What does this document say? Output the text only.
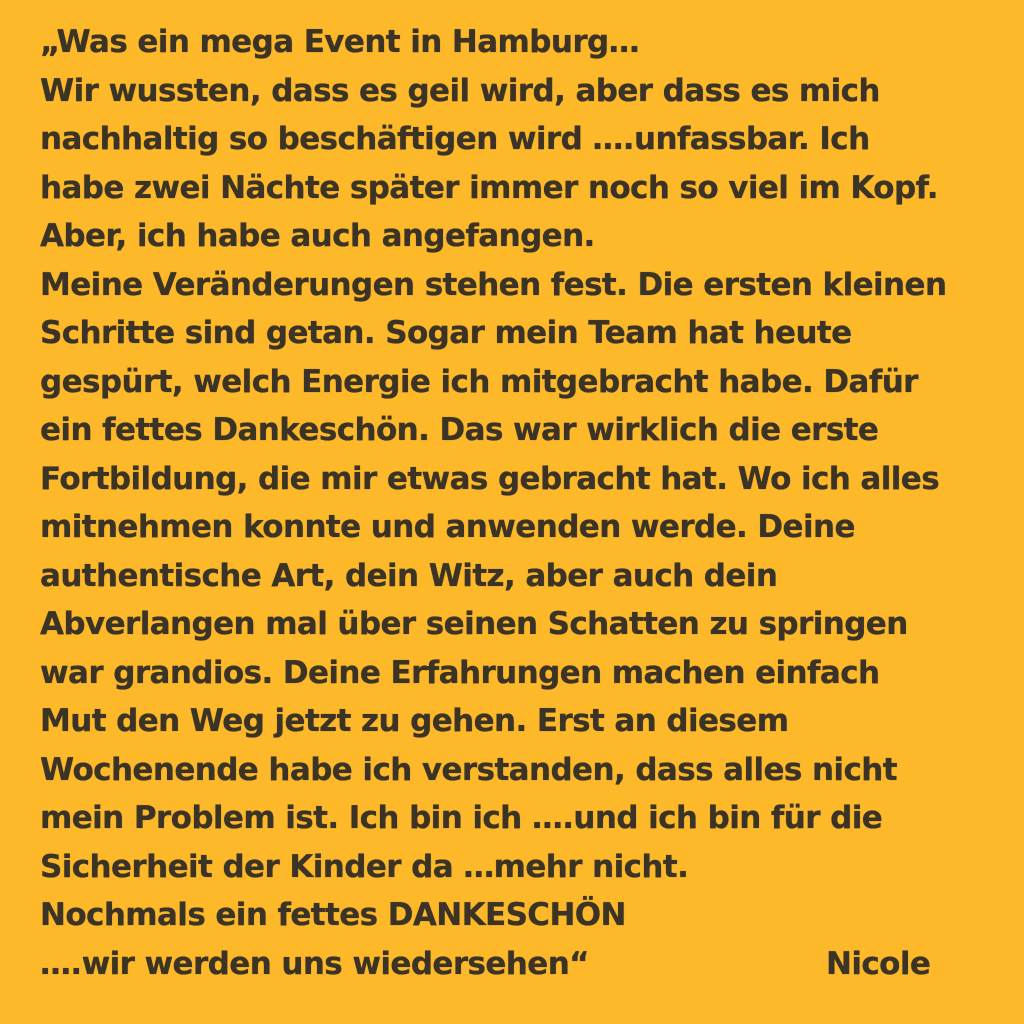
„Was ein mega Event in Hamburg…
Wir wussten, dass es geil wird, aber dass es mich
nachhaltig so beschäftigen wird ….unfassbar. Ich
habe zwei Nächte später immer noch so viel im Kopf.
Aber, ich habe auch angefangen.
Meine Veränderungen stehen fest. Die ersten kleinen
Schritte sind getan. Sogar mein Team hat heute
gespürt, welch Energie ich mitgebracht habe. Dafür
ein fettes Dankeschön. Das war wirklich die erste
Fortbildung, die mir etwas gebracht hat. Wo ich alles
mitnehmen konnte und anwenden werde. Deine
authentische Art, dein Witz, aber auch dein
Abverlangen mal über seinen Schatten zu springen
war grandios. Deine Erfahrungen machen einfach
Mut den Weg jetzt zu gehen. Erst an diesem
Wochenende habe ich verstanden, dass alles nicht
mein Problem ist. Ich bin ich ….und ich bin für die
Sicherheit der Kinder da …mehr nicht.
Nochmals ein fettes DANKESCHÖN
….wir werden uns wiedersehen“	Nicole
